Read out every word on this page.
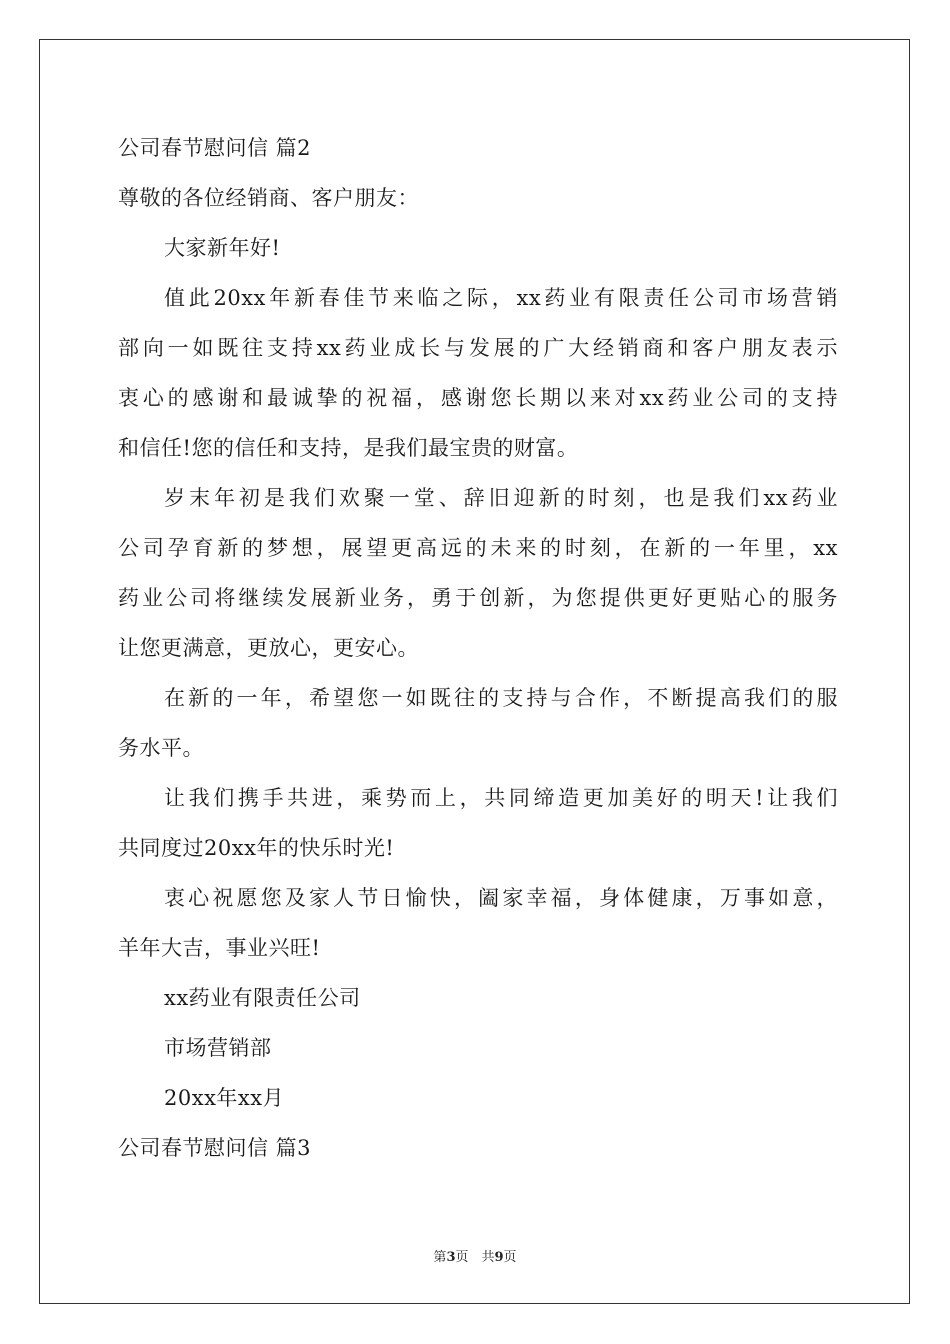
公司春节慰问信 篇2
尊敬的各位经销商、客户朋友：
大家新年好!
值此20xx年新春佳节来临之际，xx药业有限责任公司市场营销
部向一如既往支持xx药业成长与发展的广大经销商和客户朋友表示
衷心的感谢和最诚挚的祝福，感谢您长期以来对xx药业公司的支持
和信任!您的信任和支持，是我们最宝贵的财富。
岁末年初是我们欢聚一堂、辞旧迎新的时刻，也是我们xx药业
公司孕育新的梦想，展望更高远的未来的时刻，在新的一年里，xx
药业公司将继续发展新业务，勇于创新，为您提供更好更贴心的服务
让您更满意，更放心，更安心。
在新的一年，希望您一如既往的支持与合作，不断提高我们的服
务水平。
让我们携手共进，乘势而上，共同缔造更加美好的明天!让我们
共同度过20xx年的快乐时光!
衷心祝愿您及家人节日愉快，阖家幸福，身体健康，万事如意，
羊年大吉，事业兴旺!
xx药业有限责任公司
市场营销部
20xx年xx月
公司春节慰问信 篇3
第3页　共9页
